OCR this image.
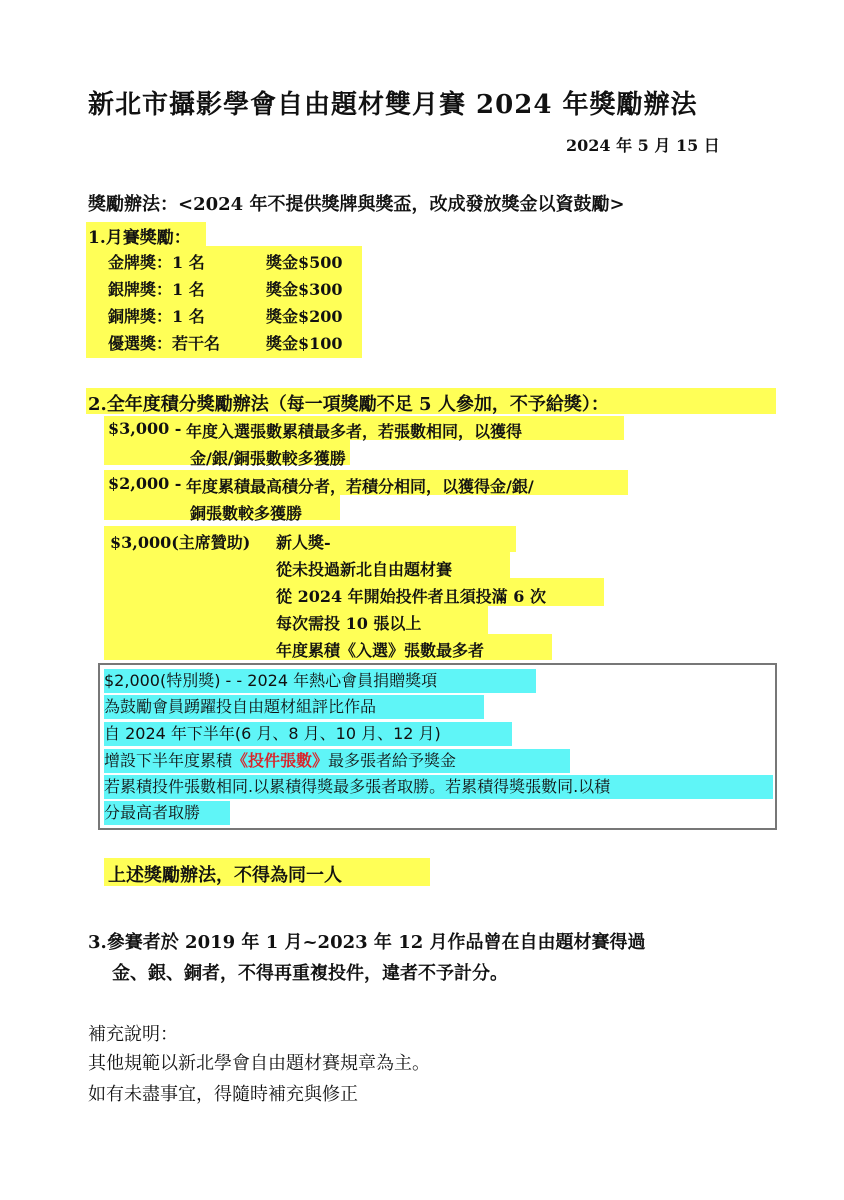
新北市攝影學會自由題材雙月賽 2024 年獎勵辦法
2024 年 5 月 15 日
獎勵辦法：<2024 年不提供獎牌與獎盃，改成發放獎金以資鼓勵>
1.月賽獎勵：
金牌獎：1 名	獎金$500
銀牌獎：1 名	獎金$300
銅牌獎：1 名	獎金$200
優選獎：若干名	獎金$100
2.全年度積分獎勵辦法（每一項獎勵不足 5 人參加，不予給獎）：
$3,000 - 年度入選張數累積最多者，若張數相同，以獲得
金/銀/銅張數較多獲勝
$2,000 - 年度累積最高積分者，若積分相同，以獲得金/銀/
銅張數較多獲勝
$3,000(主席贊助) 新人獎-
從未投過新北自由題材賽
從 2024 年開始投件者且須投滿 6 次
每次需投 10 張以上
年度累積《入選》張數最多者
$2,000(特別獎) - - 2024 年熱心會員捐贈獎項
為鼓勵會員踴躍投自由題材組評比作品
自 2024 年下半年(6 月、8 月、10 月、12 月)
增設下半年度累積《投件張數》最多張者給予獎金
若累積投件張數相同.以累積得獎最多張者取勝。若累積得獎張數同.以積
分最高者取勝
上述獎勵辦法，不得為同一人
3.參賽者於 2019 年 1 月~2023 年 12 月作品曾在自由題材賽得過
金、銀、銅者，不得再重複投件，違者不予計分。
補充說明：
其他規範以新北學會自由題材賽規章為主。
如有未盡事宜，得隨時補充與修正
